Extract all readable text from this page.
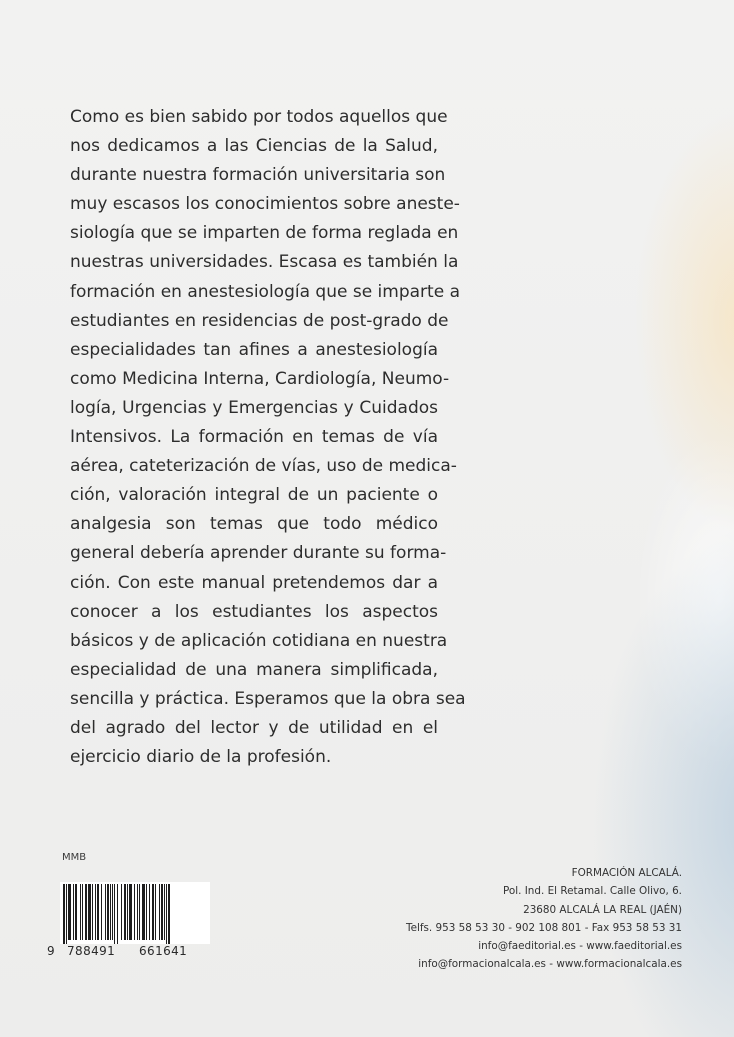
Como es bien sabido por todos aquellos que
nos dedicamos a las Ciencias de la Salud,
durante nuestra formación universitaria son
muy escasos los conocimientos sobre aneste-
siología que se imparten de forma reglada en
nuestras universidades. Escasa es también la
formación en anestesiología que se imparte a
estudiantes en residencias de post-grado de
especialidades tan afines a anestesiología
como Medicina Interna, Cardiología, Neumo-
logía, Urgencias y Emergencias y Cuidados
Intensivos. La formación en temas de vía
aérea, cateterización de vías, uso de medica-
ción, valoración integral de un paciente o
analgesia son temas que todo médico
general debería aprender durante su forma-
ción. Con este manual pretendemos dar a
conocer a los estudiantes los aspectos
básicos y de aplicación cotidiana en nuestra
especialidad de una manera simplificada,
sencilla y práctica. Esperamos que la obra sea
del agrado del lector y de utilidad en el
ejercicio diario de la profesión.
MMB
9 788491 661641
FORMACIÓN ALCALÁ.
Pol. Ind. El Retamal. Calle Olivo, 6.
23680 ALCALÁ LA REAL (JAÉN)
Telfs. 953 58 53 30 - 902 108 801 - Fax 953 58 53 31
info@faeditorial.es - www.faeditorial.es
info@formacionalcala.es - www.formacionalcala.es
